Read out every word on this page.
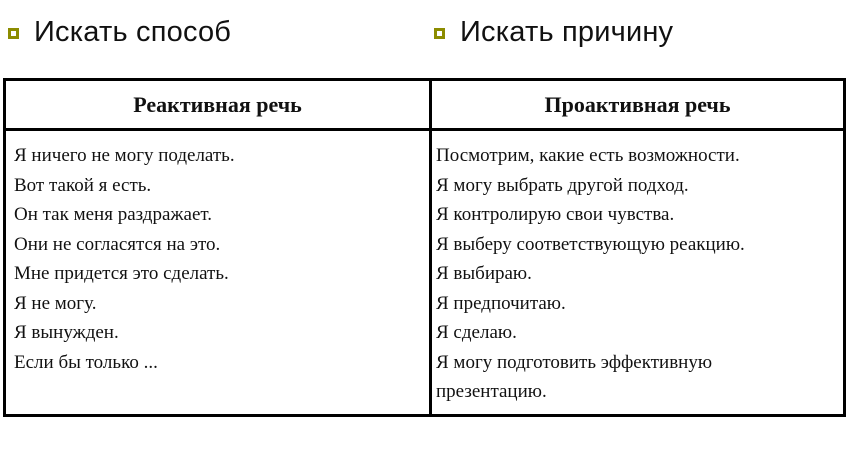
Искать способ	Искать причину
Реактивная речь	Проактивная речь
Я ничего не могу поделать.
Вот такой я есть.
Он так меня раздражает.
Они не согласятся на это.
Мне придется это сделать.
Я не могу.
Я вынужден.
Если бы только ...
Посмотрим, какие есть возможности.
Я могу выбрать другой подход.
Я контролирую свои чувства.
Я выберу соответствующую реакцию.
Я выбираю.
Я предпочитаю.
Я сделаю.
Я могу подготовить эффективную
презентацию.
